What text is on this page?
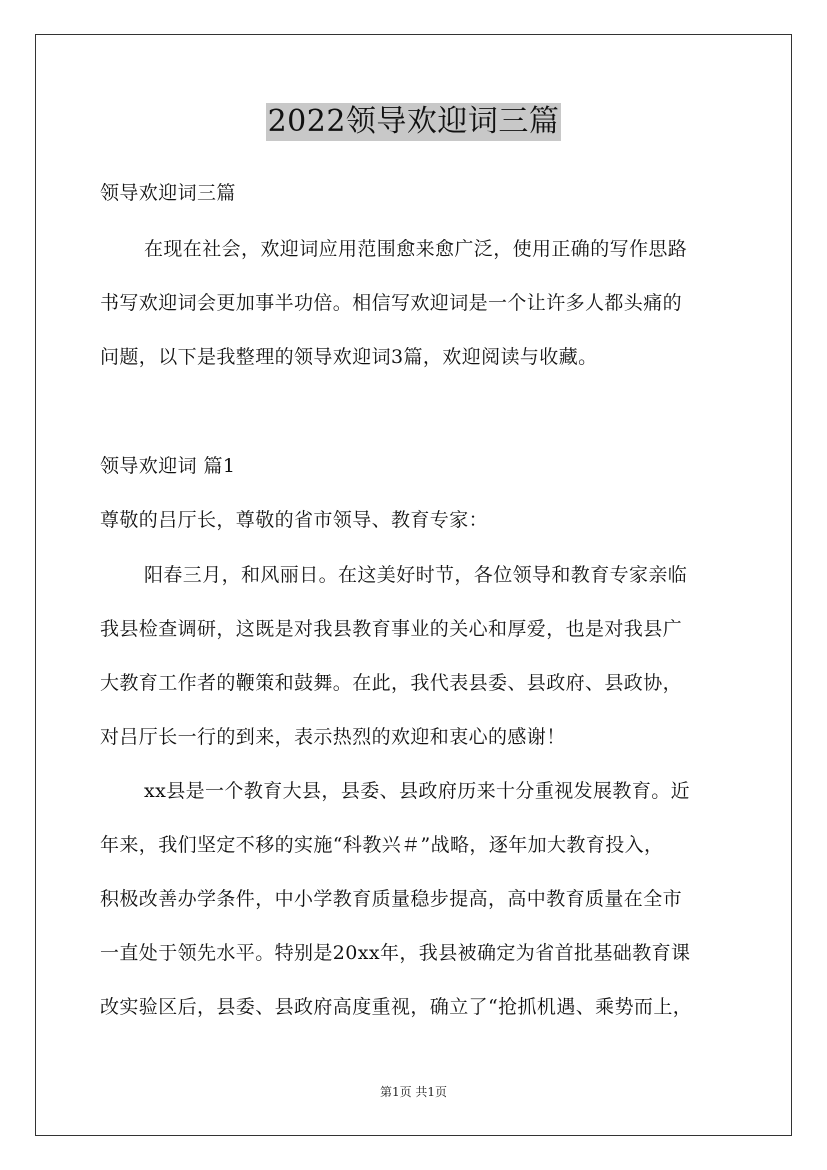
2022领导欢迎词三篇
领导欢迎词三篇
在现在社会，欢迎词应用范围愈来愈广泛，使用正确的写作思路
书写欢迎词会更加事半功倍。相信写欢迎词是一个让许多人都头痛的
问题，以下是我整理的领导欢迎词3篇，欢迎阅读与收藏。
领导欢迎词 篇1
尊敬的吕厅长，尊敬的省市领导、教育专家：
阳春三月，和风丽日。在这美好时节，各位领导和教育专家亲临
我县检查调研，这既是对我县教育事业的关心和厚爱，也是对我县广
大教育工作者的鞭策和鼓舞。在此，我代表县委、县政府、县政协，
对吕厅长一行的到来，表示热烈的欢迎和衷心的感谢！
xx县是一个教育大县，县委、县政府历来十分重视发展教育。近
年来，我们坚定不移的实施“科教兴＃”战略，逐年加大教育投入，
积极改善办学条件，中小学教育质量稳步提高，高中教育质量在全市
一直处于领先水平。特别是20xx年，我县被确定为省首批基础教育课
改实验区后，县委、县政府高度重视，确立了“抢抓机遇、乘势而上，
第1页 共1页
